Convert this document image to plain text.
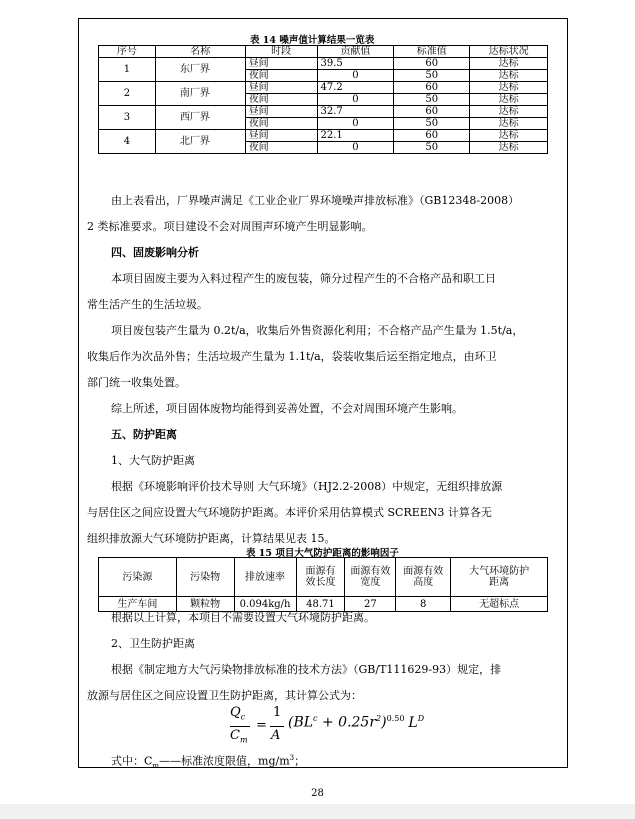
表 14 噪声值计算结果一览表
序号	名称	时段	贡献值	标准值	达标状况
1	东厂界	昼间	39.5	60	达标
		夜间	0	50	达标
2	南厂界	昼间	47.2	60	达标
		夜间	0	50	达标
3	西厂界	昼间	32.7	60	达标
		夜间	0	50	达标
4	北厂界	昼间	22.1	60	达标
		夜间	0	50	达标
由上表看出，厂界噪声满足《工业企业厂界环境噪声排放标准》（GB12348-2008）
2 类标准要求。项目建设不会对周围声环境产生明显影响。
四、固废影响分析
本项目固废主要为入料过程产生的废包装，筛分过程产生的不合格产品和职工日
常生活产生的生活垃圾。
项目废包装产生量为 0.2t/a，收集后外售资源化利用；不合格产品产生量为 1.5t/a，
收集后作为次品外售；生活垃圾产生量为 1.1t/a，袋装收集后运至指定地点，由环卫
部门统一收集处置。
综上所述，项目固体废物均能得到妥善处置，不会对周围环境产生影响。
五、防护距离
1、大气防护距离
根据《环境影响评价技术导则 大气环境》（HJ2.2-2008）中规定，无组织排放源
与居住区之间应设置大气环境防护距离。本评价采用估算模式 SCREEN3 计算各无
组织排放源大气环境防护距离，计算结果见表 15。
表 15 项目大气防护距离的影响因子
污染源	污染物	排放速率	面源有效长度	面源有效宽度	面源有效高度	大气环境防护距离
生产车间	颗粒物	0.094kg/h	48.71	27	8	无超标点
根据以上计算，本项目不需要设置大气环境防护距离。
2、卫生防护距离
根据《制定地方大气污染物排放标准的技术方法》（GB/T111629-93）规定，排
放源与居住区之间应设置卫生防护距离，其计算公式为：
$Q_c$
$C_m$
=
1
A
$(BL^c + 0.25r^2)^{0.50}$ $L^D$
式中：$C_m——$标准浓度限值，$mg/m^3$；
28
